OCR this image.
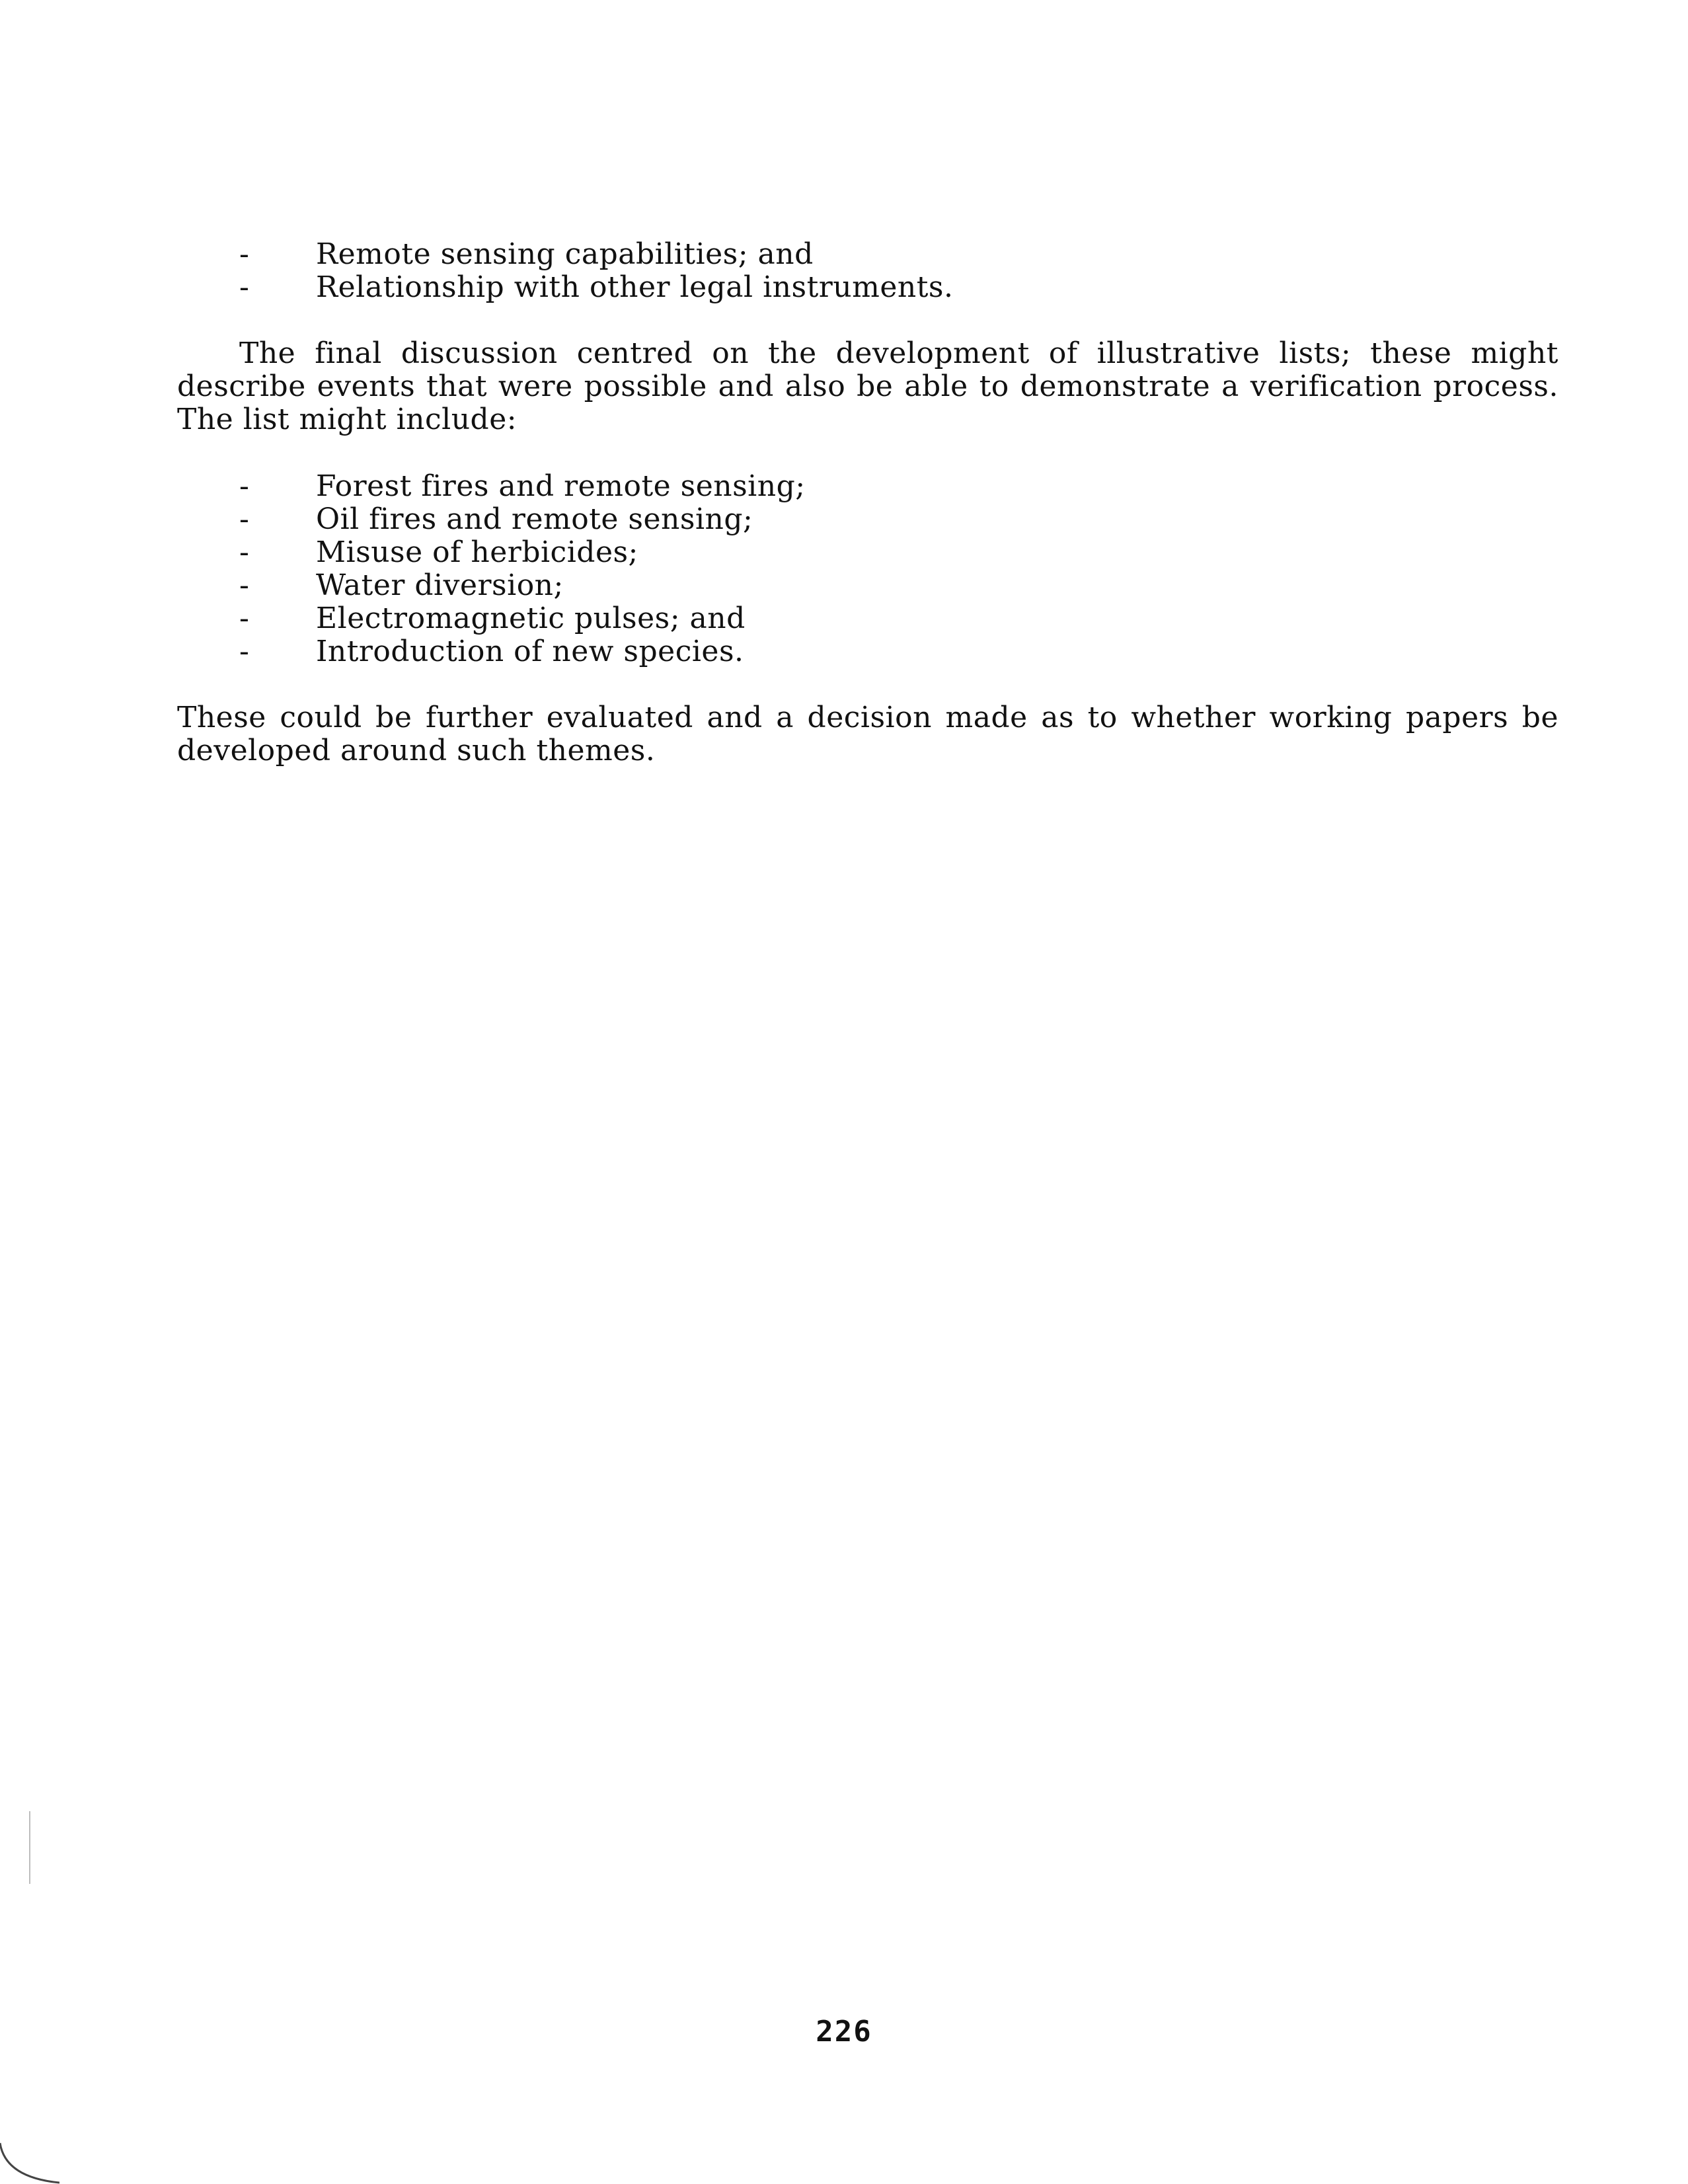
- Remote sensing capabilities; and
- Relationship with other legal instruments.

The final discussion centred on the development of illustrative lists; these might describe events that were possible and also be able to demonstrate a verification process. The list might include:

- Forest fires and remote sensing;
- Oil fires and remote sensing;
- Misuse of herbicides;
- Water diversion;
- Electromagnetic pulses; and
- Introduction of new species.

These could be further evaluated and a decision made as to whether working papers be developed around such themes.

226
